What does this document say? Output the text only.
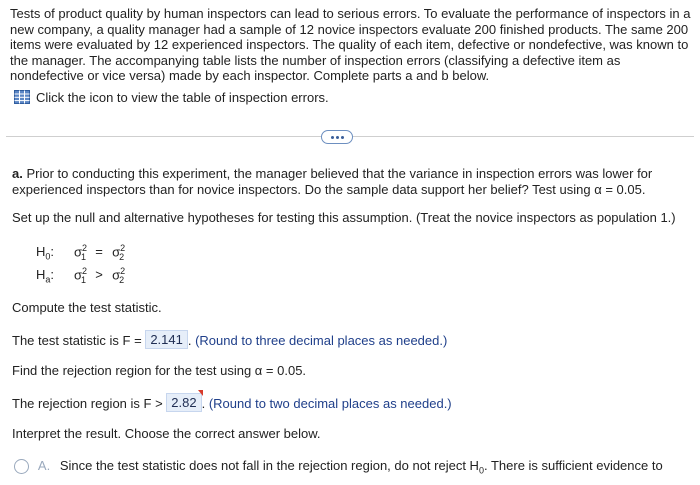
Tests of product quality by human inspectors can lead to serious errors. To evaluate the performance of inspectors in a new company, a quality manager had a sample of 12 novice inspectors evaluate 200 finished products. The same 200 items were evaluated by 12 experienced inspectors. The quality of each item, defective or nondefective, was known to the manager. The accompanying table lists the number of inspection errors (classifying a defective item as nondefective or vice versa) made by each inspector. Complete parts a and b below.

Click the icon to view the table of inspection errors.

a. Prior to conducting this experiment, the manager believed that the variance in inspection errors was lower for experienced inspectors than for novice inspectors. Do the sample data support her belief? Test using α = 0.05.

Set up the null and alternative hypotheses for testing this assumption. (Treat the novice inspectors as population 1.)

$H_0$:	$\sigma^2_1 = \sigma^2_2$
$H_a$:	$\sigma^2_1 > \sigma^2_2$

Compute the test statistic.

The test statistic is F = 2.141 . (Round to three decimal places as needed.)

Find the rejection region for the test using α = 0.05.

The rejection region is F > 2.82 . (Round to two decimal places as needed.)

Interpret the result. Choose the correct answer below.

A. Since the test statistic does not fall in the rejection region, do not reject $H_0$. There is sufficient evidence to
